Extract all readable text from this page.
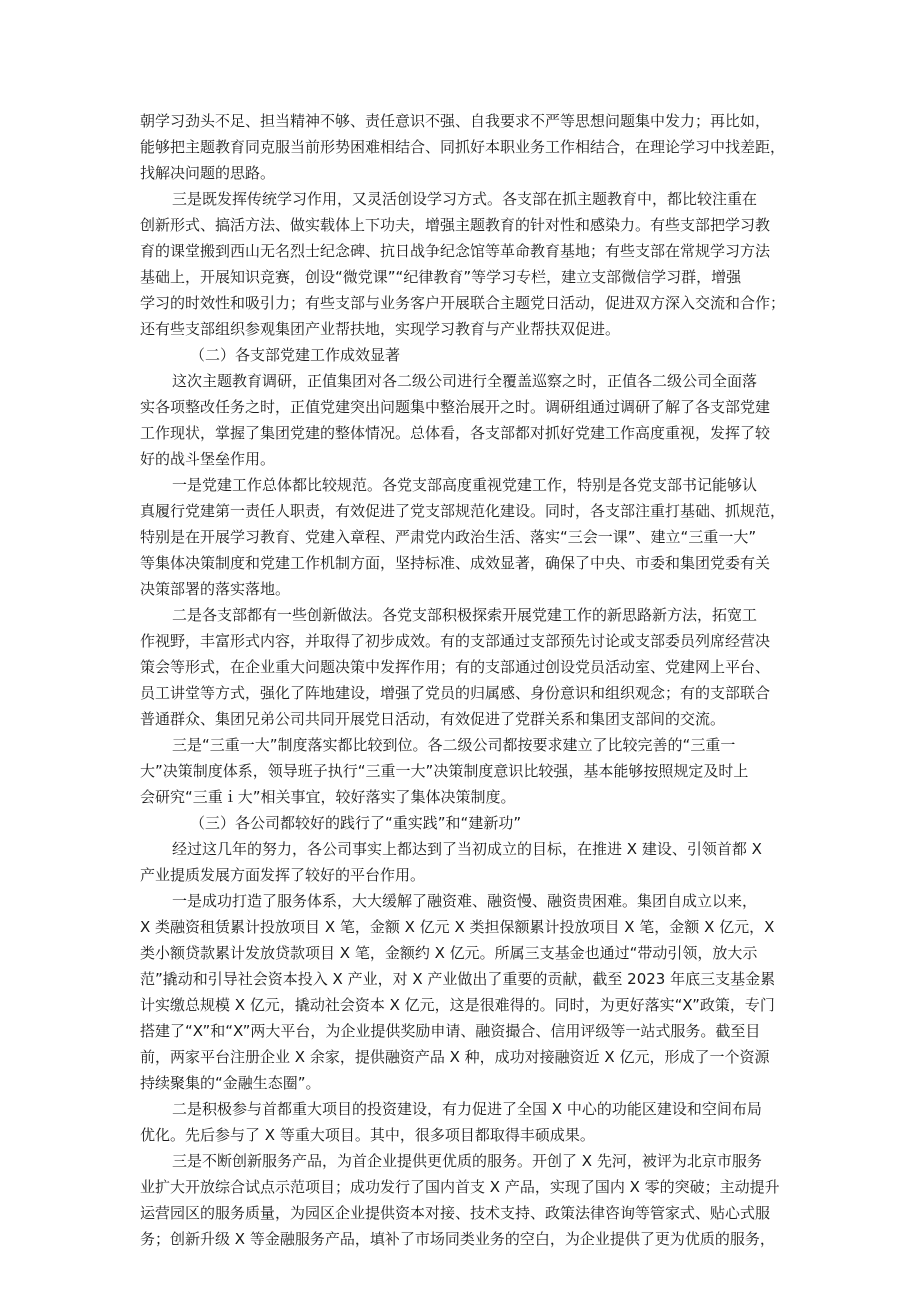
朝学习劲头不足、担当精神不够、责任意识不强、自我要求不严等思想问题集中发力；再比如，
能够把主题教育同克服当前形势困难相结合、同抓好本职业务工作相结合，在理论学习中找差距，
找解决问题的思路。
三是既发挥传统学习作用，又灵活创设学习方式。各支部在抓主题教育中，都比较注重在
创新形式、搞活方法、做实载体上下功夫，增强主题教育的针对性和感染力。有些支部把学习教
育的课堂搬到西山无名烈士纪念碑、抗日战争纪念馆等革命教育基地；有些支部在常规学习方法
基础上，开展知识竞赛，创设“微党课”“纪律教育”等学习专栏，建立支部微信学习群，增强
学习的时效性和吸引力；有些支部与业务客户开展联合主题党日活动，促进双方深入交流和合作；
还有些支部组织参观集团产业帮扶地，实现学习教育与产业帮扶双促进。
（二）各支部党建工作成效显著
这次主题教育调研，正值集团对各二级公司进行全覆盖巡察之时，正值各二级公司全面落
实各项整改任务之时，正值党建突出问题集中整治展开之时。调研组通过调研了解了各支部党建
工作现状，掌握了集团党建的整体情况。总体看，各支部都对抓好党建工作高度重视，发挥了较
好的战斗堡垒作用。
一是党建工作总体都比较规范。各党支部高度重视党建工作，特别是各党支部书记能够认
真履行党建第一责任人职责，有效促进了党支部规范化建设。同时，各支部注重打基础、抓规范，
特别是在开展学习教育、党建入章程、严肃党内政治生活、落实“三会一课”、建立“三重一大”
等集体决策制度和党建工作机制方面，坚持标准、成效显著，确保了中央、市委和集团党委有关
决策部署的落实落地。
二是各支部都有一些创新做法。各党支部积极探索开展党建工作的新思路新方法，拓宽工
作视野，丰富形式内容，并取得了初步成效。有的支部通过支部预先讨论或支部委员列席经营决
策会等形式，在企业重大问题决策中发挥作用；有的支部通过创设党员活动室、党建网上平台、
员工讲堂等方式，强化了阵地建设，增强了党员的归属感、身份意识和组织观念；有的支部联合
普通群众、集团兄弟公司共同开展党日活动，有效促进了党群关系和集团支部间的交流。
三是“三重一大”制度落实都比较到位。各二级公司都按要求建立了比较完善的“三重一
大”决策制度体系，领导班子执行“三重一大”决策制度意识比较强，基本能够按照规定及时上
会研究“三重ｉ大”相关事宜，较好落实了集体决策制度。
（三）各公司都较好的践行了“重实践”和“建新功”
经过这几年的努力，各公司事实上都达到了当初成立的目标，在推进 X 建设、引领首都 X
产业提质发展方面发挥了较好的平台作用。
一是成功打造了服务体系，大大缓解了融资难、融资慢、融资贵困难。集团自成立以来，
X 类融资租赁累计投放项目 X 笔，金额 X 亿元 X 类担保额累计投放项目 X 笔，金额 X 亿元，X
类小额贷款累计发放贷款项目 X 笔，金额约 X 亿元。所属三支基金也通过“带动引领，放大示
范”撬动和引导社会资本投入 X 产业，对 X 产业做出了重要的贡献，截至 2023 年底三支基金累
计实缴总规模 X 亿元，撬动社会资本 X 亿元，这是很难得的。同时，为更好落实“X”政策，专门
搭建了“X”和“X”两大平台，为企业提供奖励申请、融资撮合、信用评级等一站式服务。截至目
前，两家平台注册企业 X 余家，提供融资产品 X 种，成功对接融资近 X 亿元，形成了一个资源
持续聚集的“金融生态圈”。
二是积极参与首都重大项目的投资建设，有力促进了全国 X 中心的功能区建设和空间布局
优化。先后参与了 X 等重大项目。其中，很多项目都取得丰硕成果。
三是不断创新服务产品，为首企业提供更优质的服务。开创了 X 先河，被评为北京市服务
业扩大开放综合试点示范项目；成功发行了国内首支 X 产品，实现了国内 X 零的突破；主动提升
运营园区的服务质量，为园区企业提供资本对接、技术支持、政策法律咨询等管家式、贴心式服
务；创新升级 X 等金融服务产品，填补了市场同类业务的空白，为企业提供了更为优质的服务，
